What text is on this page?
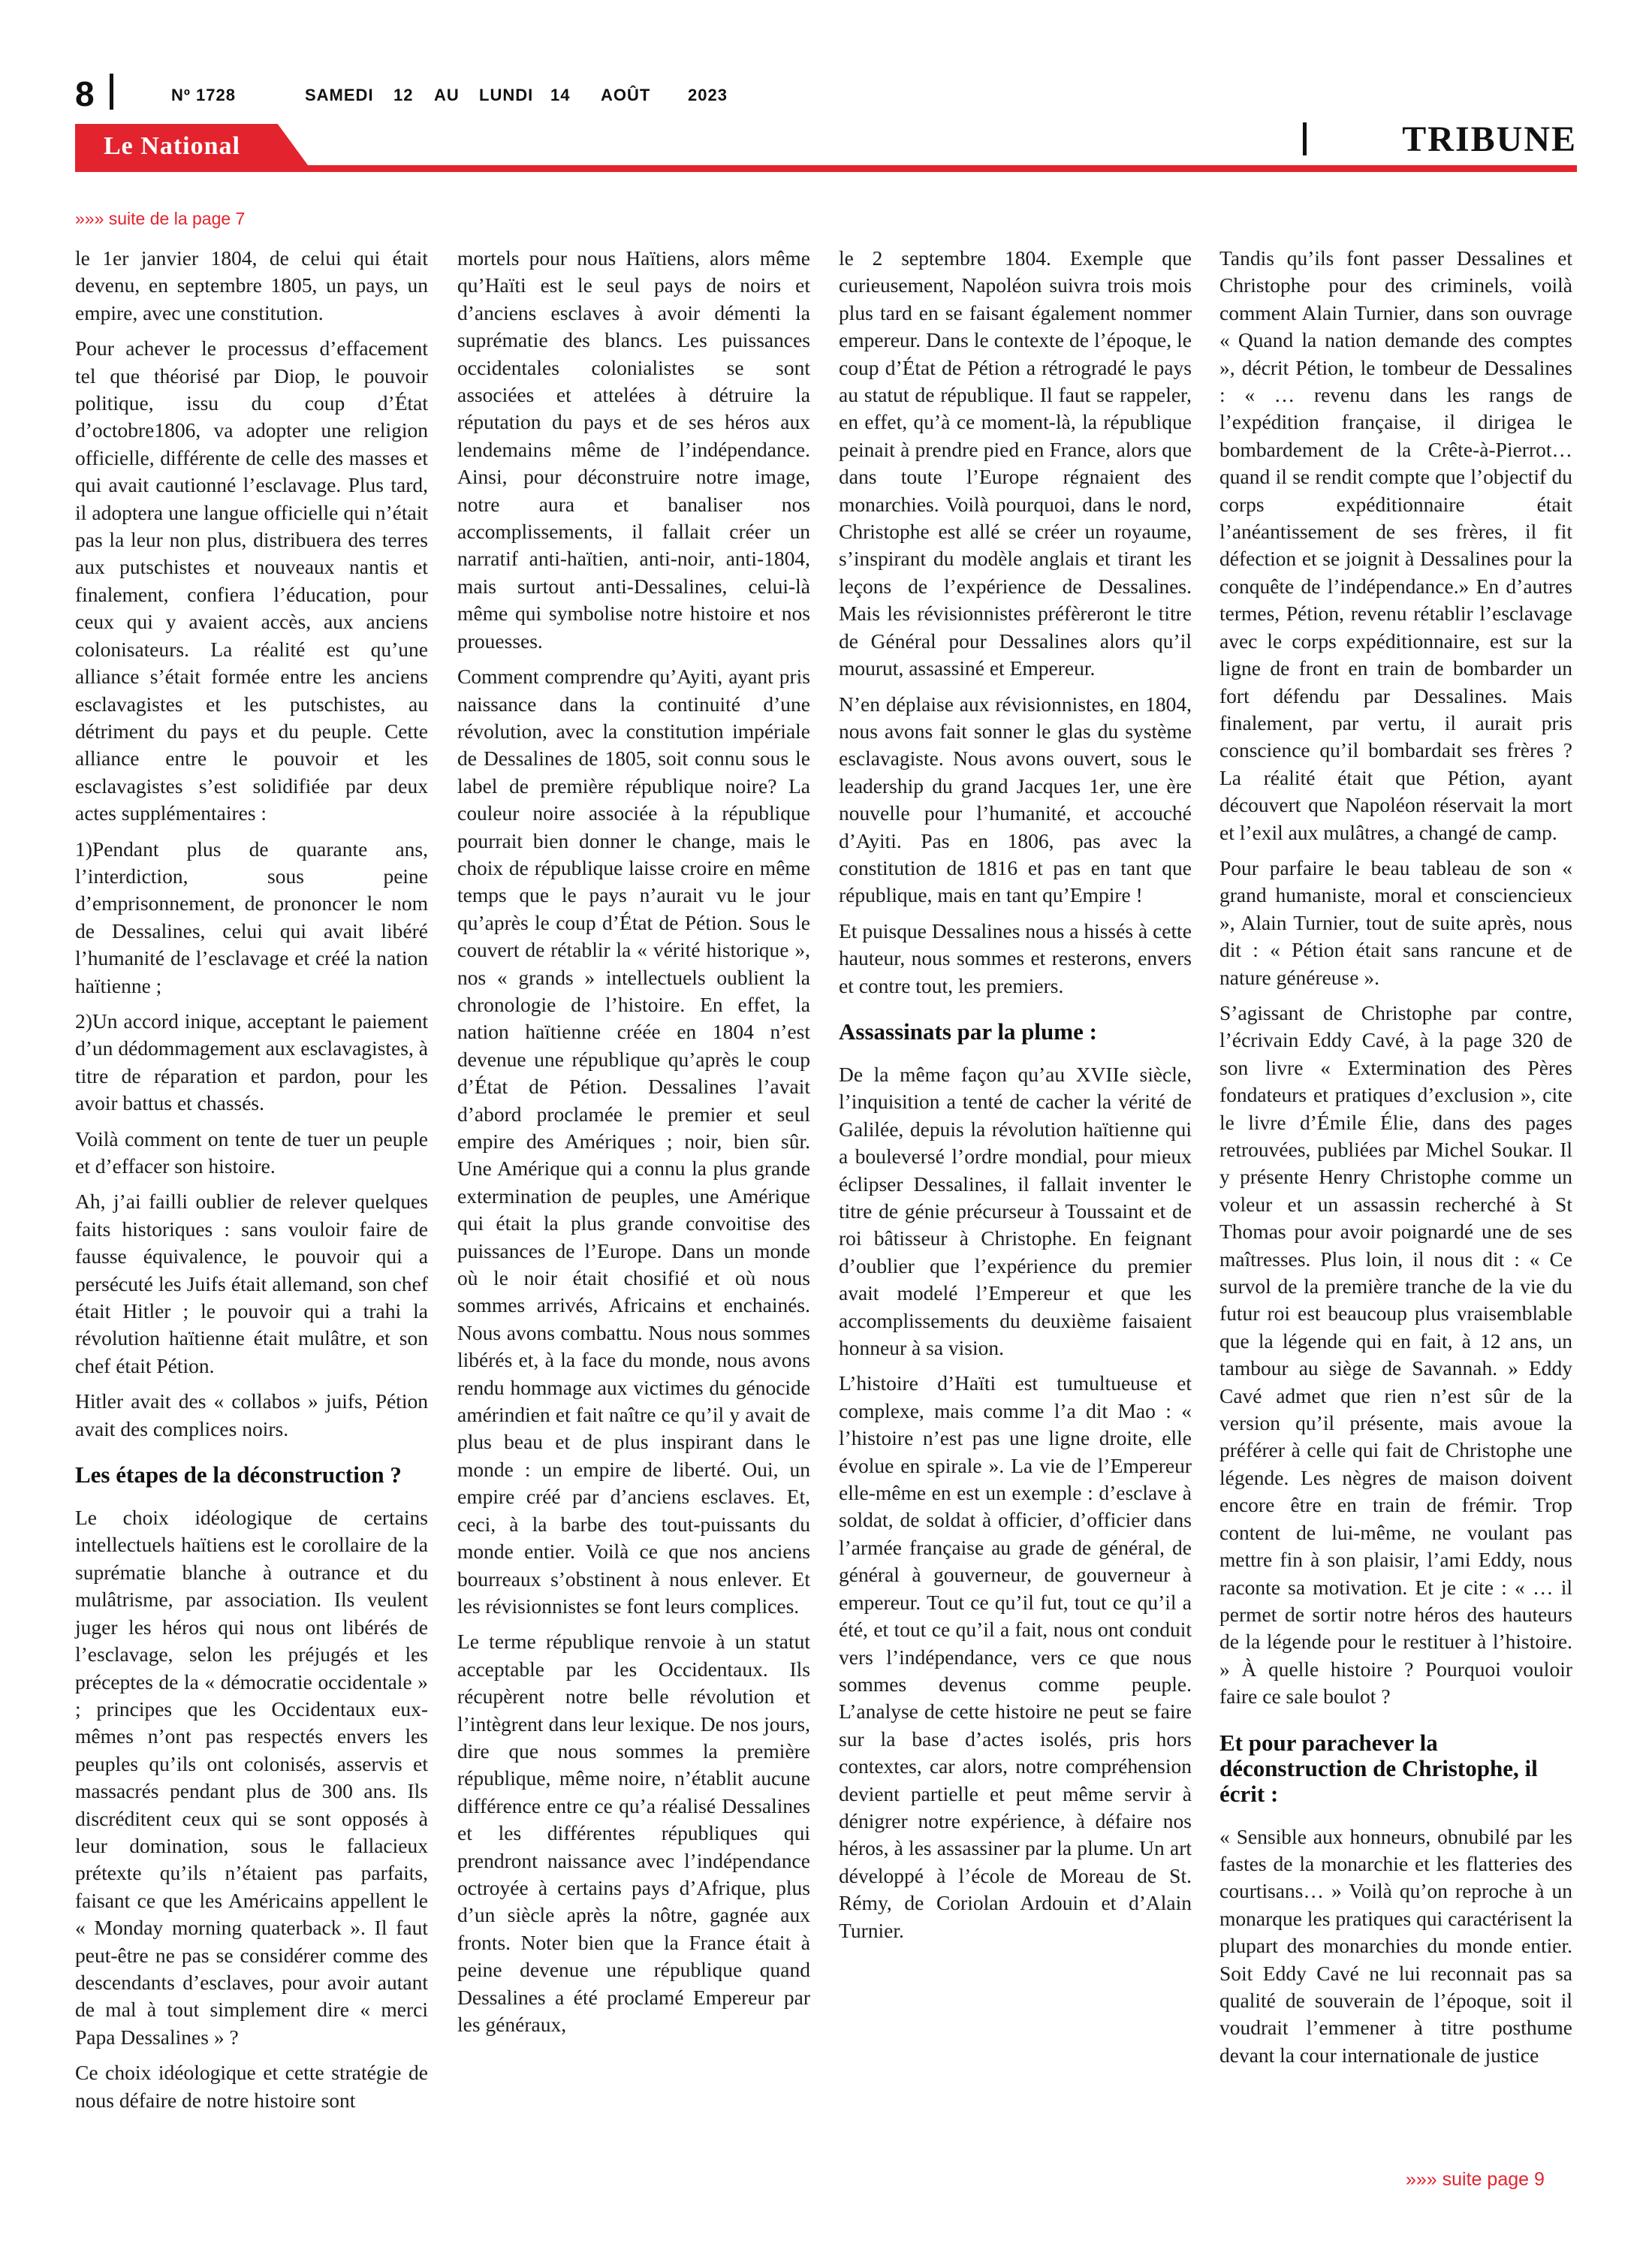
8	Nº 1728	SAMEDI 12 AU LUNDI 14 AOÛT 2023
Le National	TRIBUNE
»»» suite de la page 7

le 1er janvier 1804, de celui qui était devenu, en septembre 1805, un pays, un empire, avec une constitution.

Pour achever le processus d’effacement tel que théorisé par Diop, le pouvoir politique, issu du coup d’État d’octobre1806, va adopter une religion officielle, différente de celle des masses et qui avait cautionné l’esclavage. Plus tard, il adoptera une langue officielle qui n’était pas la leur non plus, distribuera des terres aux putschistes et nouveaux nantis et finalement, confiera l’éducation, pour ceux qui y avaient accès, aux anciens colonisateurs. La réalité est qu’une alliance s’était formée entre les anciens esclavagistes et les putschistes, au détriment du pays et du peuple. Cette alliance entre le pouvoir et les esclavagistes s’est solidifiée par deux actes supplémentaires :

1)Pendant plus de quarante ans, l’interdiction, sous peine d’emprisonnement, de prononcer le nom de Dessalines, celui qui avait libéré l’humanité de l’esclavage et créé la nation haïtienne ;

2)Un accord inique, acceptant le paiement d’un dédommagement aux esclavagistes, à titre de réparation et pardon, pour les avoir battus et chassés.

Voilà comment on tente de tuer un peuple et d’effacer son histoire.

Ah, j’ai failli oublier de relever quelques faits historiques : sans vouloir faire de fausse équivalence, le pouvoir qui a persécuté les Juifs était allemand, son chef était Hitler ; le pouvoir qui a trahi la révolution haïtienne était mulâtre, et son chef était Pétion.

Hitler avait des « collabos » juifs, Pétion avait des complices noirs.

Les étapes de la déconstruction ?

Le choix idéologique de certains intellectuels haïtiens est le corollaire de la suprématie blanche à outrance et du mulâtrisme, par association. Ils veulent juger les héros qui nous ont libérés de l’esclavage, selon les préjugés et les préceptes de la « démocratie occidentale » ; principes que les Occidentaux eux-mêmes n’ont pas respectés envers les peuples qu’ils ont colonisés, asservis et massacrés pendant plus de 300 ans. Ils discréditent ceux qui se sont opposés à leur domination, sous le fallacieux prétexte qu’ils n’étaient pas parfaits, faisant ce que les Américains appellent le « Monday morning quaterback ». Il faut peut-être ne pas se considérer comme des descendants d’esclaves, pour avoir autant de mal à tout simplement dire « merci Papa Dessalines » ?

Ce choix idéologique et cette stratégie de nous défaire de notre histoire sont

mortels pour nous Haïtiens, alors même qu’Haïti est le seul pays de noirs et d’anciens esclaves à avoir démenti la suprématie des blancs. Les puissances occidentales colonialistes se sont associées et attelées à détruire la réputation du pays et de ses héros aux lendemains même de l’indépendance. Ainsi, pour déconstruire notre image, notre aura et banaliser nos accomplissements, il fallait créer un narratif anti-haïtien, anti-noir, anti-1804, mais surtout anti-Dessalines, celui-là même qui symbolise notre histoire et nos prouesses.

Comment comprendre qu’Ayiti, ayant pris naissance dans la continuité d’une révolution, avec la constitution impériale de Dessalines de 1805, soit connu sous le label de première république noire? La couleur noire associée à la république pourrait bien donner le change, mais le choix de république laisse croire en même temps que le pays n’aurait vu le jour qu’après le coup d’État de Pétion. Sous le couvert de rétablir la « vérité historique », nos « grands » intellectuels oublient la chronologie de l’histoire. En effet, la nation haïtienne créée en 1804 n’est devenue une république qu’après le coup d’État de Pétion. Dessalines l’avait d’abord proclamée le premier et seul empire des Amériques ; noir, bien sûr. Une Amérique qui a connu la plus grande extermination de peuples, une Amérique qui était la plus grande convoitise des puissances de l’Europe. Dans un monde où le noir était chosifié et où nous sommes arrivés, Africains et enchainés. Nous avons combattu. Nous nous sommes libérés et, à la face du monde, nous avons rendu hommage aux victimes du génocide amérindien et fait naître ce qu’il y avait de plus beau et de plus inspirant dans le monde : un empire de liberté. Oui, un empire créé par d’anciens esclaves. Et, ceci, à la barbe des tout-puissants du monde entier. Voilà ce que nos anciens bourreaux s’obstinent à nous enlever. Et les révisionnistes se font leurs complices.

Le terme république renvoie à un statut acceptable par les Occidentaux. Ils récupèrent notre belle révolution et l’intègrent dans leur lexique. De nos jours, dire que nous sommes la première république, même noire, n’établit aucune différence entre ce qu’a réalisé Dessalines et les différentes républiques qui prendront naissance avec l’indépendance octroyée à certains pays d’Afrique, plus d’un siècle après la nôtre, gagnée aux fronts. Noter bien que la France était à peine devenue une république quand Dessalines a été proclamé Empereur par les généraux,

le 2 septembre 1804. Exemple que curieusement, Napoléon suivra trois mois plus tard en se faisant également nommer empereur. Dans le contexte de l’époque, le coup d’État de Pétion a rétrogradé le pays au statut de république. Il faut se rappeler, en effet, qu’à ce moment-là, la république peinait à prendre pied en France, alors que dans toute l’Europe régnaient des monarchies. Voilà pourquoi, dans le nord, Christophe est allé se créer un royaume, s’inspirant du modèle anglais et tirant les leçons de l’expérience de Dessalines. Mais les révisionnistes préfèreront le titre de Général pour Dessalines alors qu’il mourut, assassiné et Empereur.

N’en déplaise aux révisionnistes, en 1804, nous avons fait sonner le glas du système esclavagiste. Nous avons ouvert, sous le leadership du grand Jacques 1er, une ère nouvelle pour l’humanité, et accouché d’Ayiti. Pas en 1806, pas avec la constitution de 1816 et pas en tant que république, mais en tant qu’Empire !

Et puisque Dessalines nous a hissés à cette hauteur, nous sommes et resterons, envers et contre tout, les premiers.

Assassinats par la plume :

De la même façon qu’au XVIIe siècle, l’inquisition a tenté de cacher la vérité de Galilée, depuis la révolution haïtienne qui a bouleversé l’ordre mondial, pour mieux éclipser Dessalines, il fallait inventer le titre de génie précurseur à Toussaint et de roi bâtisseur à Christophe. En feignant d’oublier que l’expérience du premier avait modelé l’Empereur et que les accomplissements du deuxième faisaient honneur à sa vision.

L’histoire d’Haïti est tumultueuse et complexe, mais comme l’a dit Mao : « l’histoire n’est pas une ligne droite, elle évolue en spirale ». La vie de l’Empereur elle-même en est un exemple : d’esclave à soldat, de soldat à officier, d’officier dans l’armée française au grade de général, de général à gouverneur, de gouverneur à empereur. Tout ce qu’il fut, tout ce qu’il a été, et tout ce qu’il a fait, nous ont conduit vers l’indépendance, vers ce que nous sommes devenus comme peuple. L’analyse de cette histoire ne peut se faire sur la base d’actes isolés, pris hors contextes, car alors, notre compréhension devient partielle et peut même servir à dénigrer notre expérience, à défaire nos héros, à les assassiner par la plume. Un art développé à l’école de Moreau de St. Rémy, de Coriolan Ardouin et d’Alain Turnier.

Tandis qu’ils font passer Dessalines et Christophe pour des criminels, voilà comment Alain Turnier, dans son ouvrage « Quand la nation demande des comptes », décrit Pétion, le tombeur de Dessalines : « … revenu dans les rangs de l’expédition française, il dirigea le bombardement de la Crête-à-Pierrot… quand il se rendit compte que l’objectif du corps expéditionnaire était l’anéantissement de ses frères, il fit défection et se joignit à Dessalines pour la conquête de l’indépendance.» En d’autres termes, Pétion, revenu rétablir l’esclavage avec le corps expéditionnaire, est sur la ligne de front en train de bombarder un fort défendu par Dessalines. Mais finalement, par vertu, il aurait pris conscience qu’il bombardait ses frères ? La réalité était que Pétion, ayant découvert que Napoléon réservait la mort et l’exil aux mulâtres, a changé de camp.

Pour parfaire le beau tableau de son « grand humaniste, moral et consciencieux », Alain Turnier, tout de suite après, nous dit : « Pétion était sans rancune et de nature généreuse ».

S’agissant de Christophe par contre, l’écrivain Eddy Cavé, à la page 320 de son livre « Extermination des Pères fondateurs et pratiques d’exclusion », cite le livre d’Émile Élie, dans des pages retrouvées, publiées par Michel Soukar. Il y présente Henry Christophe comme un voleur et un assassin recherché à St Thomas pour avoir poignardé une de ses maîtresses. Plus loin, il nous dit : « Ce survol de la première tranche de la vie du futur roi est beaucoup plus vraisemblable que la légende qui en fait, à 12 ans, un tambour au siège de Savannah. » Eddy Cavé admet que rien n’est sûr de la version qu’il présente, mais avoue la préférer à celle qui fait de Christophe une légende. Les nègres de maison doivent encore être en train de frémir. Trop content de lui-même, ne voulant pas mettre fin à son plaisir, l’ami Eddy, nous raconte sa motivation. Et je cite : « … il permet de sortir notre héros des hauteurs de la légende pour le restituer à l’histoire. » À quelle histoire ? Pourquoi vouloir faire ce sale boulot ?

Et pour parachever la déconstruction de Christophe, il écrit :

« Sensible aux honneurs, obnubilé par les fastes de la monarchie et les flatteries des courtisans… » Voilà qu’on reproche à un monarque les pratiques qui caractérisent la plupart des monarchies du monde entier. Soit Eddy Cavé ne lui reconnait pas sa qualité de souverain de l’époque, soit il voudrait l’emmener à titre posthume devant la cour internationale de justice

»»» suite page 9
